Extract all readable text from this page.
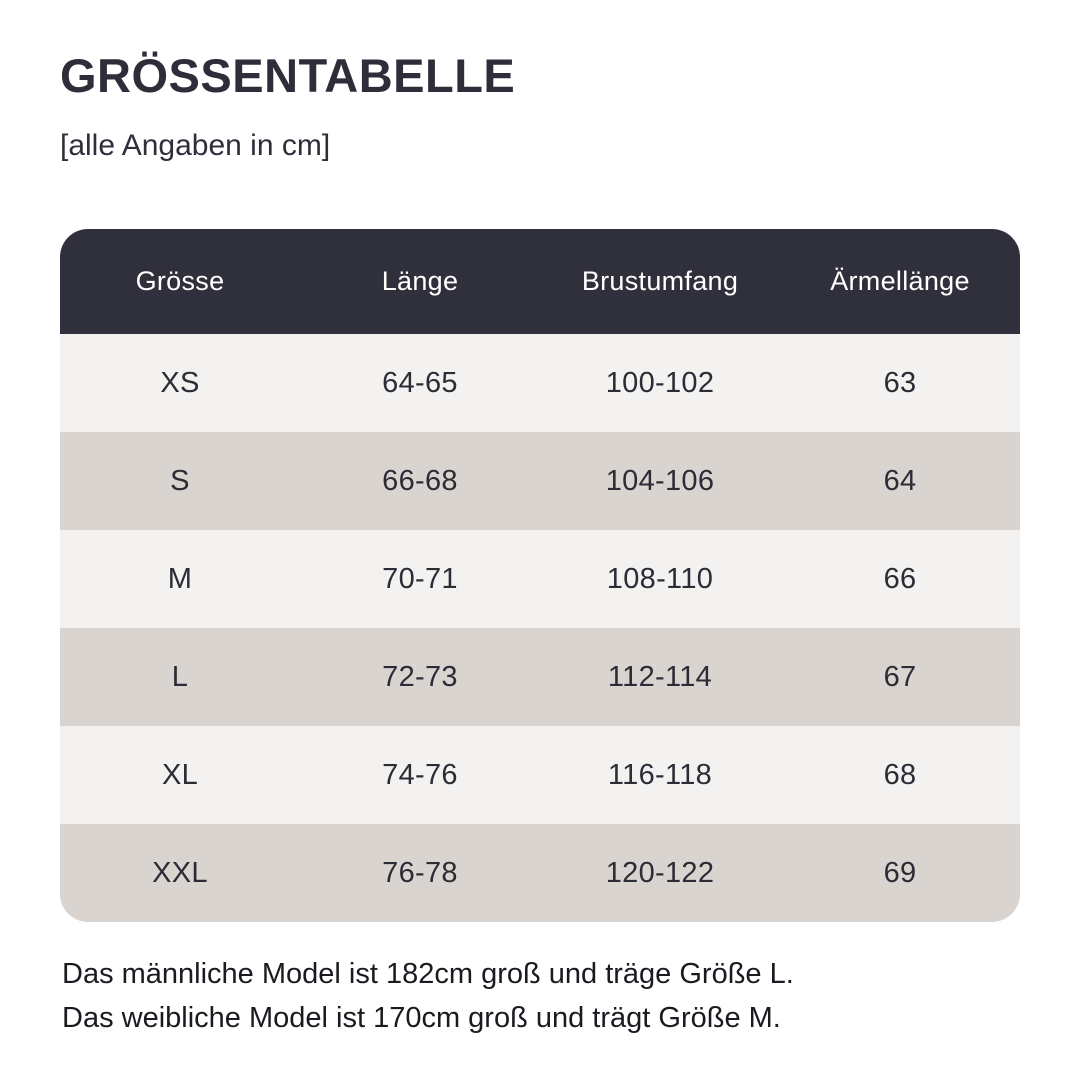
GRÖSSENTABELLE
[alle Angaben in cm]
Grösse	Länge	Brustumfang	Ärmellänge
XS	64-65	100-102	63
S	66-68	104-106	64
M	70-71	108-110	66
L	72-73	112-114	67
XL	74-76	116-118	68
XXL	76-78	120-122	69
Das männliche Model ist 182cm groß und träge Größe L.
Das weibliche Model ist 170cm groß und trägt Größe M.
